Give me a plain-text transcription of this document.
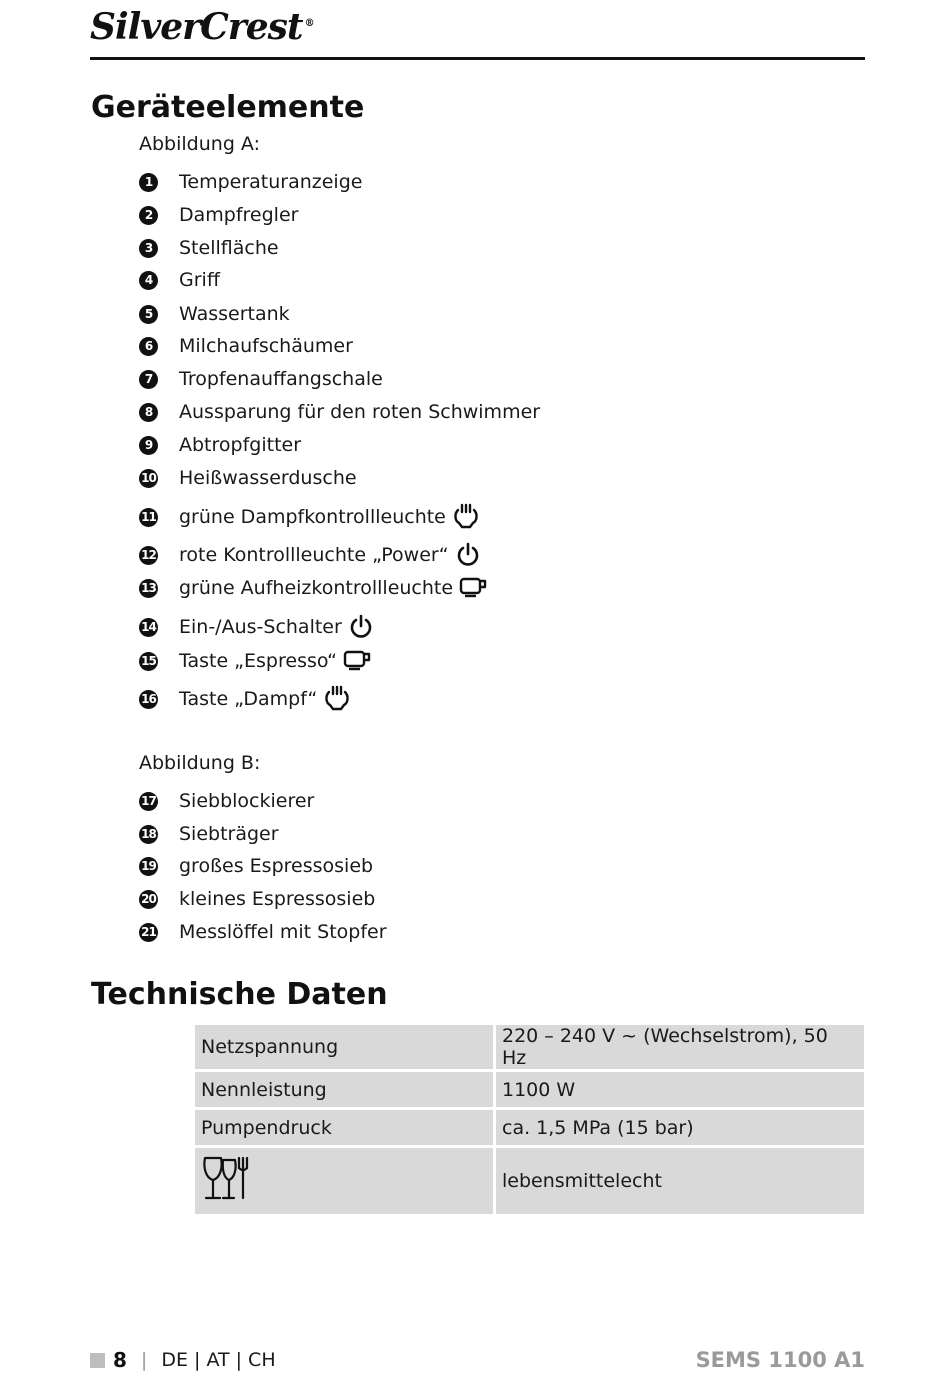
SilverCrest ®
Geräteelemente
Abbildung A:
1	Temperaturanzeige
2	Dampfregler
3	Stellfläche
4	Griff
5	Wassertank
6	Milchaufschäumer
7	Tropfenauffangschale
8	Aussparung für den roten Schwimmer
9	Abtropfgitter
10 Heißwasserdusche
11 grüne Dampfkontrollleuchte
12 rote Kontrollleuchte „Power“
13 grüne Aufheizkontrollleuchte
14 Ein-/Aus-Schalter
15 Taste „Espresso“
16 Taste „Dampf“
Abbildung B:
17 Siebblockierer
18 Siebträger
19 großes Espressosieb
20 kleines Espressosieb
21 Messlöffel mit Stopfer
Technische Daten
Netzspannung	220 – 240 V ~ (Wechselstrom), 50 Hz
Nennleistung	1100 W
Pumpendruck	ca. 1,5 MPa (15 bar)
	lebensmittelecht
8 | DE | AT | CH	SEMS 1100 A1
